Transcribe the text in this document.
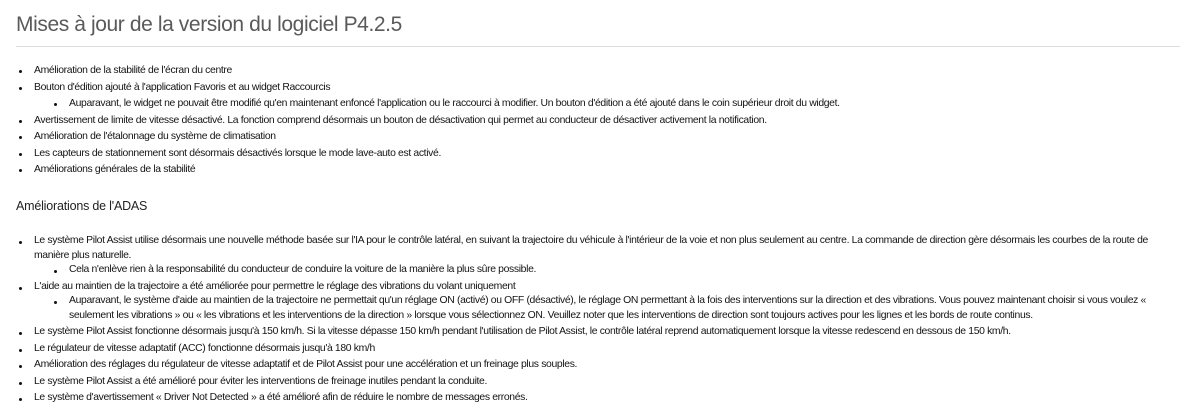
Mises à jour de la version du logiciel P4.2.5
Amélioration de la stabilité de l'écran du centre
Bouton d'édition ajouté à l'application Favoris et au widget Raccourcis
Auparavant, le widget ne pouvait être modifié qu'en maintenant enfoncé l'application ou le raccourci à modifier. Un bouton d'édition a été ajouté dans le coin supérieur droit du widget.
Avertissement de limite de vitesse désactivé. La fonction comprend désormais un bouton de désactivation qui permet au conducteur de désactiver activement la notification.
Amélioration de l'étalonnage du système de climatisation
Les capteurs de stationnement sont désormais désactivés lorsque le mode lave-auto est activé.
Améliorations générales de la stabilité
Améliorations de l'ADAS
Le système Pilot Assist utilise désormais une nouvelle méthode basée sur l'IA pour le contrôle latéral, en suivant la trajectoire du véhicule à l'intérieur de la voie et non plus seulement au centre. La commande de direction gère désormais les courbes de la route de manière plus naturelle.
Cela n'enlève rien à la responsabilité du conducteur de conduire la voiture de la manière la plus sûre possible.
L'aide au maintien de la trajectoire a été améliorée pour permettre le réglage des vibrations du volant uniquement
Auparavant, le système d'aide au maintien de la trajectoire ne permettait qu'un réglage ON (activé) ou OFF (désactivé), le réglage ON permettant à la fois des interventions sur la direction et des vibrations. Vous pouvez maintenant choisir si vous voulez « seulement les vibrations » ou « les vibrations et les interventions de la direction » lorsque vous sélectionnez ON. Veuillez noter que les interventions de direction sont toujours actives pour les lignes et les bords de route continus.
Le système Pilot Assist fonctionne désormais jusqu'à 150 km/h. Si la vitesse dépasse 150 km/h pendant l'utilisation de Pilot Assist, le contrôle latéral reprend automatiquement lorsque la vitesse redescend en dessous de 150 km/h.
Le régulateur de vitesse adaptatif (ACC) fonctionne désormais jusqu'à 180 km/h
Amélioration des réglages du régulateur de vitesse adaptatif et de Pilot Assist pour une accélération et un freinage plus souples.
Le système Pilot Assist a été amélioré pour éviter les interventions de freinage inutiles pendant la conduite.
Le système d'avertissement « Driver Not Detected » a été amélioré afin de réduire le nombre de messages erronés.
